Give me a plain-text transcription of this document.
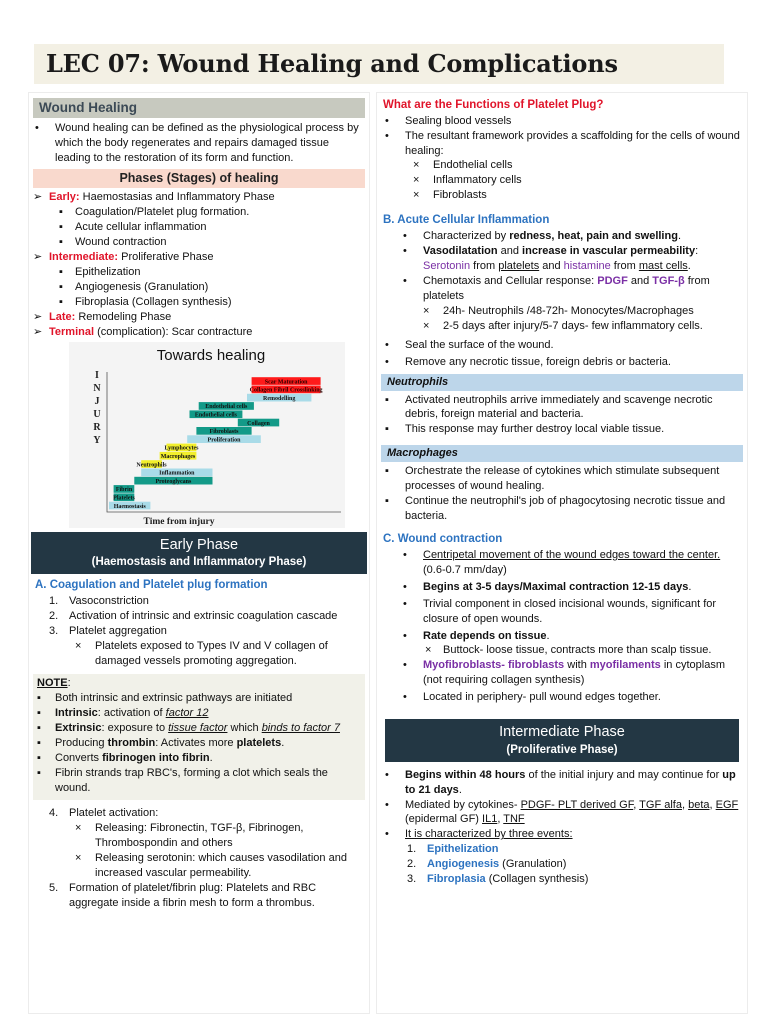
LEC 07: Wound Healing and Complications
Wound Healing
• Wound healing can be defined as the physiological process by which the body regenerates and repairs damaged tissue leading to the restoration of its form and function.
Phases (Stages) of healing
➢ Early: Haemostasias and Inflammatory Phase
▪ Coagulation/Platelet plug formation.
▪ Acute cellular inflammation
▪ Wound contraction
➢ Intermediate: Proliferative Phase
▪ Epithelization
▪ Angiogenesis (Granulation)
▪ Fibroplasia (Collagen synthesis)
➢ Late: Remodeling Phase
➢ Terminal (complication): Scar contracture
Towards healing
I
N
J
U
R
Y
Haemostasis
Platelets
Fibrin
Proteoglycans
Inflammation
Neutrophils
Macrophages
Lymphocytes
Proliferation
Fibroblasts
Collagen
Endothelial cells
Endothelial cells
Remodelling
Collagen Fibril Crosslinking
Scar Maturation
Time from injury
Early Phase
(Haemostasis and Inflammatory Phase)
A. Coagulation and Platelet plug formation
1. Vasoconstriction
2. Activation of intrinsic and extrinsic coagulation cascade
3. Platelet aggregation
× Platelets exposed to Types IV and V collagen of damaged vessels promoting aggregation.
NOTE:
▪ Both intrinsic and extrinsic pathways are initiated
▪ Intrinsic: activation of factor 12
▪ Extrinsic: exposure to tissue factor which binds to factor 7
▪ Producing thrombin: Activates more platelets.
▪ Converts fibrinogen into fibrin.
▪ Fibrin strands trap RBC's, forming a clot which seals the wound.
4. Platelet activation:
× Releasing: Fibronectin, TGF-β, Fibrinogen, Thrombospondin and others
× Releasing serotonin: which causes vasodilation and increased vascular permeability.
5. Formation of platelet/fibrin plug: Platelets and RBC aggregate inside a fibrin mesh to form a thrombus.
What are the Functions of Platelet Plug?
• Sealing blood vessels
• The resultant framework provides a scaffolding for the cells of wound healing:
× Endothelial cells
× Inflammatory cells
× Fibroblasts
B. Acute Cellular Inflammation
• Characterized by redness, heat, pain and swelling.
• Vasodilatation and increase in vascular permeability: Serotonin from platelets and histamine from mast cells.
• Chemotaxis and Cellular response: PDGF and TGF-β from platelets
× 24h- Neutrophils /48-72h- Monocytes/Macrophages
× 2-5 days after injury/5-7 days- few inflammatory cells.
• Seal the surface of the wound.
• Remove any necrotic tissue, foreign debris or bacteria.
Neutrophils
▪ Activated neutrophils arrive immediately and scavenge necrotic debris, foreign material and bacteria.
▪ This response may further destroy local viable tissue.
Macrophages
▪ Orchestrate the release of cytokines which stimulate subsequent processes of wound healing.
▪ Continue the neutrophil's job of phagocytosing necrotic tissue and bacteria.
C. Wound contraction
• Centripetal movement of the wound edges toward the center. (0.6-0.7 mm/day)
• Begins at 3-5 days/Maximal contraction 12-15 days.
• Trivial component in closed incisional wounds, significant for closure of open wounds.
• Rate depends on tissue.
× Buttock- loose tissue, contracts more than scalp tissue.
• Myofibroblasts- fibroblasts with myofilaments in cytoplasm (not requiring collagen synthesis)
• Located in periphery- pull wound edges together.
Intermediate Phase
(Proliferative Phase)
• Begins within 48 hours of the initial injury and may continue for up to 21 days.
• Mediated by cytokines- PDGF- PLT derived GF, TGF alfa, beta, EGF (epidermal GF) IL1, TNF
• It is characterized by three events:
1. Epithelization
2. Angiogenesis (Granulation)
3. Fibroplasia (Collagen synthesis)
